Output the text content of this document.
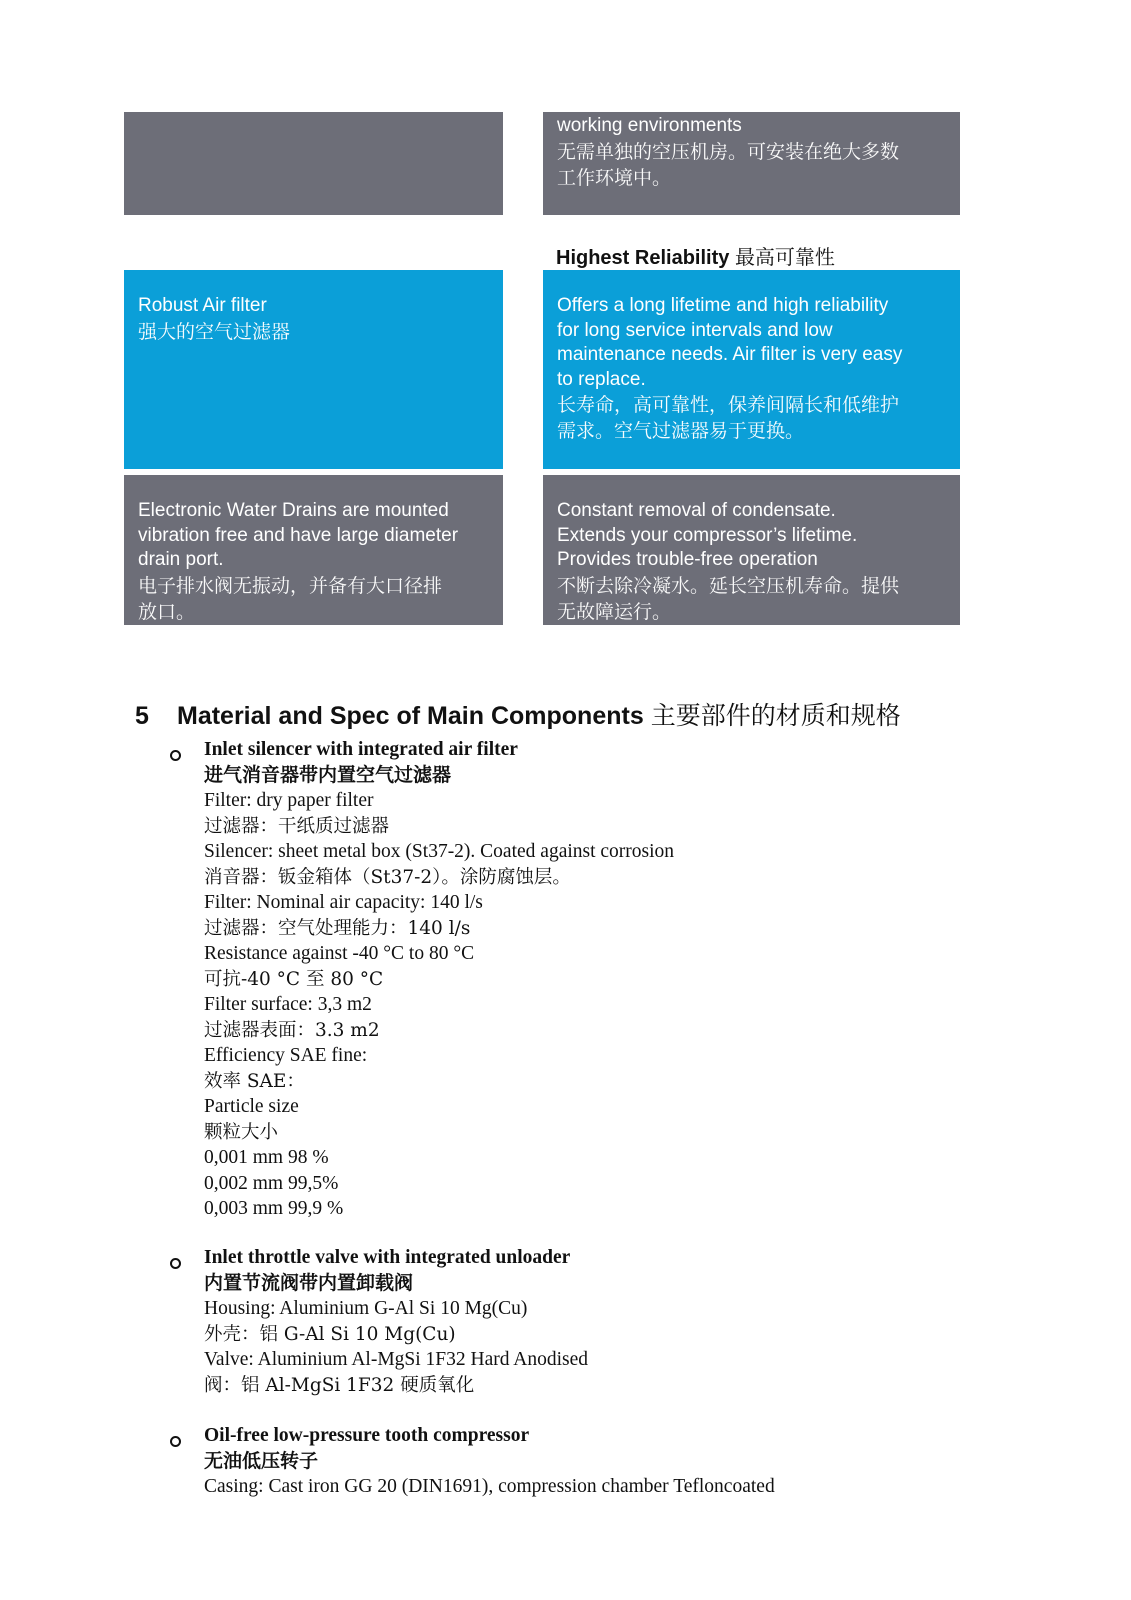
working environments
无需单独的空压机房。可安装在绝大多数
工作环境中。
Highest Reliability 最高可靠性
Robust Air filter
强大的空气过滤器
Offers a long lifetime and high reliability
for long service intervals and low
maintenance needs. Air filter is very easy
to replace.
长寿命，高可靠性，保养间隔长和低维护
需求。空气过滤器易于更换。
Electronic Water Drains are mounted
vibration free and have large diameter
drain port.
电子排水阀无振动，并备有大口径排
放口。
Constant removal of condensate.
Extends your compressor’s lifetime.
Provides trouble-free operation
不断去除冷凝水。延长空压机寿命。提供
无故障运行。
5 Material and Spec of Main Components 主要部件的材质和规格
Inlet silencer with integrated air filter
进气消音器带内置空气过滤器
Filter: dry paper filter
过滤器：干纸质过滤器
Silencer: sheet metal box (St37-2). Coated against corrosion
消音器：钣金箱体（St37-2）。涂防腐蚀层。
Filter: Nominal air capacity: 140 l/s
过滤器：空气处理能力：140 l/s
Resistance against -40 °C to 80 °C
可抗-40 °C 至 80 °C
Filter surface: 3,3 m2
过滤器表面：3.3 m2
Efficiency SAE fine:
效率 SAE：
Particle size
颗粒大小
0,001 mm 98 %
0,002 mm 99,5%
0,003 mm 99,9 %
Inlet throttle valve with integrated unloader
内置节流阀带内置卸载阀
Housing: Aluminium G-Al Si 10 Mg(Cu)
外壳：铝 G-Al Si 10 Mg(Cu)
Valve: Aluminium Al-MgSi 1F32 Hard Anodised
阀：铝 Al-MgSi 1F32 硬质氧化
Oil-free low-pressure tooth compressor
无油低压转子
Casing: Cast iron GG 20 (DIN1691), compression chamber Tefloncoated
